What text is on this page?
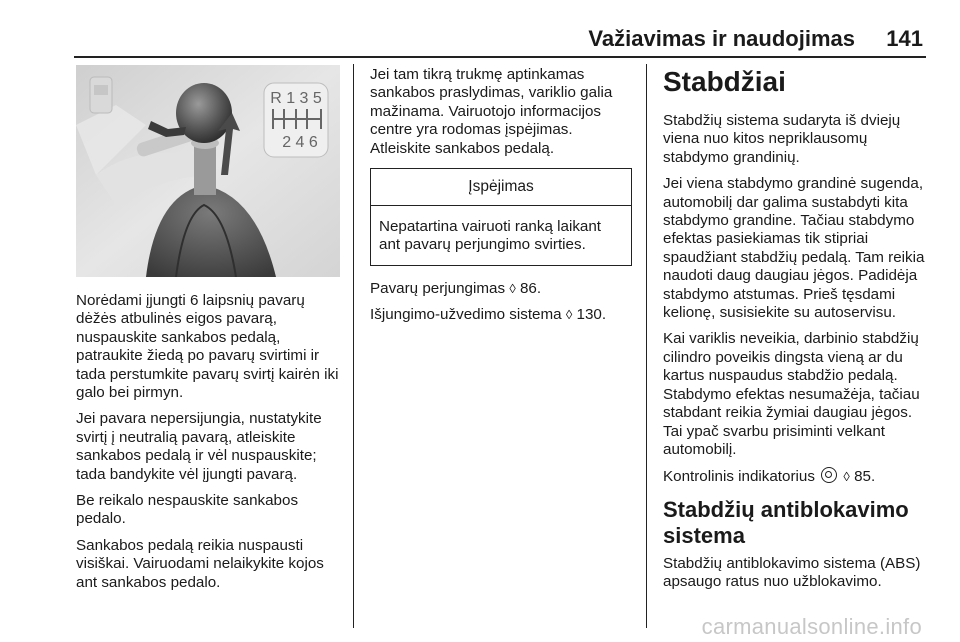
Važiavimas ir naudojimas 141
R 1 3 5
2 4 6

Norėdami įjungti 6 laipsnių pavarų dėžės atbulinės eigos pavarą, nuspauskite sankabos pedalą, patraukite žiedą po pavarų svirtimi ir tada perstumkite pavarų svirtį kairėn iki galo bei pirmyn.

Jei pavara nepersijungia, nustatykite svirtį į neutralią pavarą, atleiskite sankabos pedalą ir vėl nuspauskite; tada bandykite vėl įjungti pavarą.

Be reikalo nespauskite sankabos pedalo.

Sankabos pedalą reikia nuspausti visiškai. Vairuodami nelaikykite kojos ant sankabos pedalo.

Jei tam tikrą trukmę aptinkamas sankabos praslydimas, variklio galia mažinama. Vairuotojo informacijos centre yra rodomas įspėjimas. Atleiskite sankabos pedalą.

Įspėjimas
Nepatartina vairuoti ranką laikant ant pavarų perjungimo svirties.

Pavarų perjungimas ◊ 86.

Išjungimo-užvedimo sistema ◊ 130.

Stabdžiai

Stabdžių sistema sudaryta iš dviejų viena nuo kitos nepriklausomų stabdymo grandinių.

Jei viena stabdymo grandinė sugenda, automobilį dar galima sustabdyti kita stabdymo grandine. Tačiau stabdymo efektas pasiekiamas tik stipriai spaudžiant stabdžių pedalą. Tam reikia naudoti daug daugiau jėgos. Padidėja stabdymo atstumas. Prieš tęsdami kelionę, susisiekite su autoservisu.

Kai variklis neveikia, darbinio stabdžių cilindro poveikis dingsta vieną ar du kartus nuspaudus stabdžio pedalą. Stabdymo efektas nesumažėja, tačiau stabdant reikia žymiai daugiau jėgos. Tai ypač svarbu prisiminti velkant automobilį.

Kontrolinis indikatorius ◊ 85.

Stabdžių antiblokavimo sistema

Stabdžių antiblokavimo sistema (ABS) apsaugo ratus nuo užblokavimo.

carmanualsonline.info
